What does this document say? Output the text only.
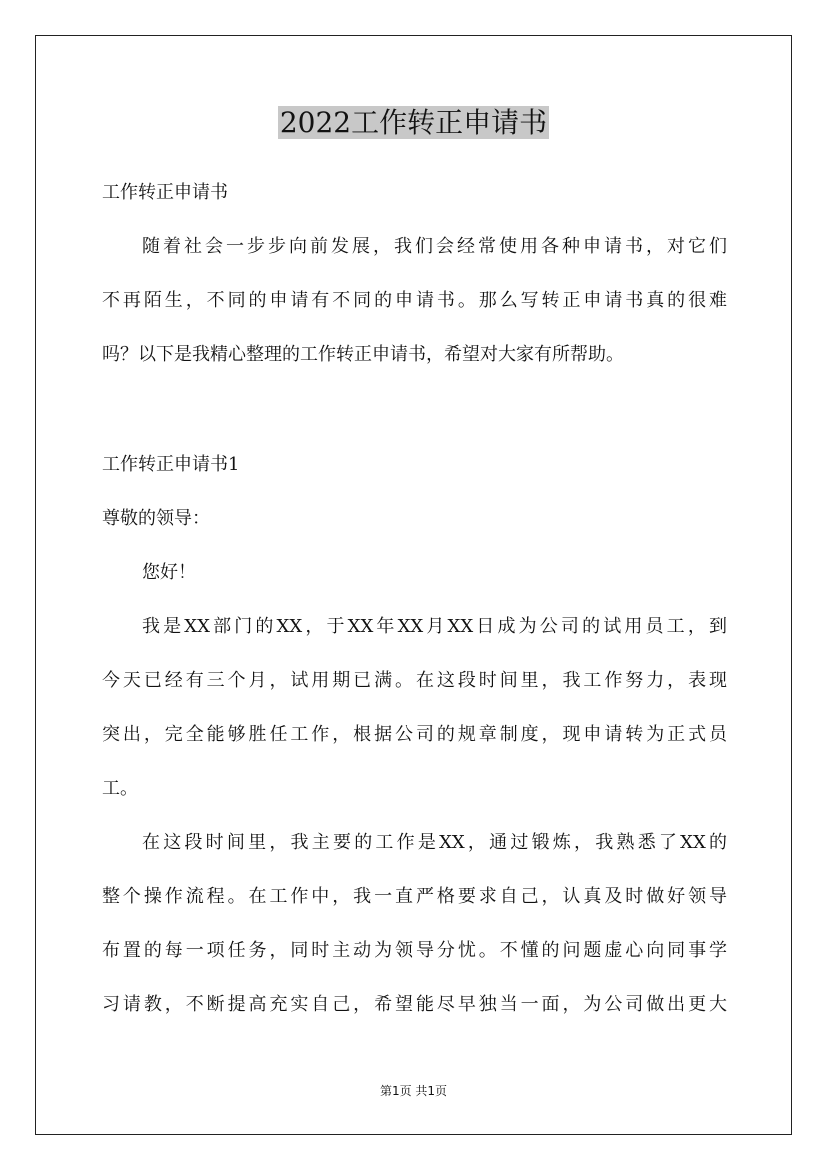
2022工作转正申请书

工作转正申请书

随着社会一步步向前发展，我们会经常使用各种申请书，对它们

不再陌生，不同的申请有不同的申请书。那么写转正申请书真的很难

吗？以下是我精心整理的工作转正申请书，希望对大家有所帮助。

工作转正申请书1

尊敬的领导：

您好！

我是XX部门的XX，于XX年XX月XX日成为公司的试用员工，到

今天已经有三个月，试用期已满。在这段时间里，我工作努力，表现

突出，完全能够胜任工作，根据公司的规章制度，现申请转为正式员

工。

在这段时间里，我主要的工作是XX，通过锻炼，我熟悉了XX的

整个操作流程。在工作中，我一直严格要求自己，认真及时做好领导

布置的每一项任务，同时主动为领导分忧。不懂的问题虚心向同事学

习请教，不断提高充实自己，希望能尽早独当一面，为公司做出更大

第1页 共1页
